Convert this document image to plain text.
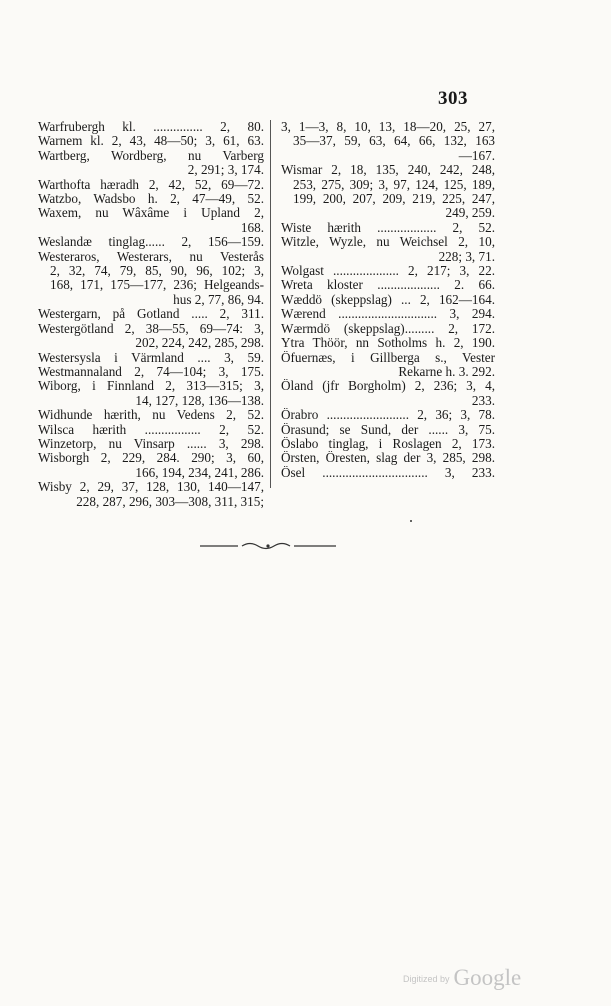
303
Warfrubergh kl. ............... 2, 80.
Warnem kl. 2, 43, 48—50; 3, 61, 63.
Wartberg, Wordberg, nu Varberg
2, 291; 3, 174.
Warthofta hæradh 2, 42, 52, 69—72.
Watzbo, Wadsbo h. 2, 47—49, 52.
Waxem, nu Wâxâme i Upland 2,
168.
Weslandæ tinglag...... 2, 156—159.
Westeraros, Westerars, nu Vesterås
2, 32, 74, 79, 85, 90, 96, 102; 3,
168, 171, 175—177, 236; Helgeands-
hus 2, 77, 86, 94.
Westergarn, på Gotland ..... 2, 311.
Westergötland 2, 38—55, 69—74: 3,
202, 224, 242, 285, 298.
Westersysla i Värmland .... 3, 59.
Westmannaland 2, 74—104; 3, 175.
Wiborg, i Finnland 2, 313—315; 3,
14, 127, 128, 136—138.
Widhunde hærith, nu Vedens 2, 52.
Wilsca hærith ................. 2, 52.
Winzetorp, nu Vinsarp ...... 3, 298.
Wisborgh 2, 229, 284. 290; 3, 60,
166, 194, 234, 241, 286.
Wisby 2, 29, 37, 128, 130, 140—147,
228, 287, 296, 303—308, 311, 315;
3, 1—3, 8, 10, 13, 18—20, 25, 27,
35—37, 59, 63, 64, 66, 132, 163
—167.
Wismar 2, 18, 135, 240, 242, 248,
253, 275, 309; 3, 97, 124, 125, 189,
199, 200, 207, 209, 219, 225, 247,
249, 259.
Wiste hærith .................. 2, 52.
Witzle, Wyzle, nu Weichsel 2, 10,
228; 3, 71.
Wolgast .................... 2, 217; 3, 22.
Wreta kloster ................... 2. 66.
Wæddö (skeppslag) ... 2, 162—164.
Wærend .............................. 3, 294.
Wærmdö (skeppslag)......... 2, 172.
Ytra Thöör, nn Sotholms h. 2, 190.
Öfuernæs, i Gillberga s., Vester
Rekarne h. 3. 292.
Öland (jfr Borgholm) 2, 236; 3, 4,
233.
Örabro ......................... 2, 36; 3, 78.
Örasund; se Sund, der ...... 3, 75.
Öslabo tinglag, i Roslagen 2, 173.
Örsten, Öresten, slag der 3, 285, 298.
Ösel ................................ 3, 233.
Digitized by Google
